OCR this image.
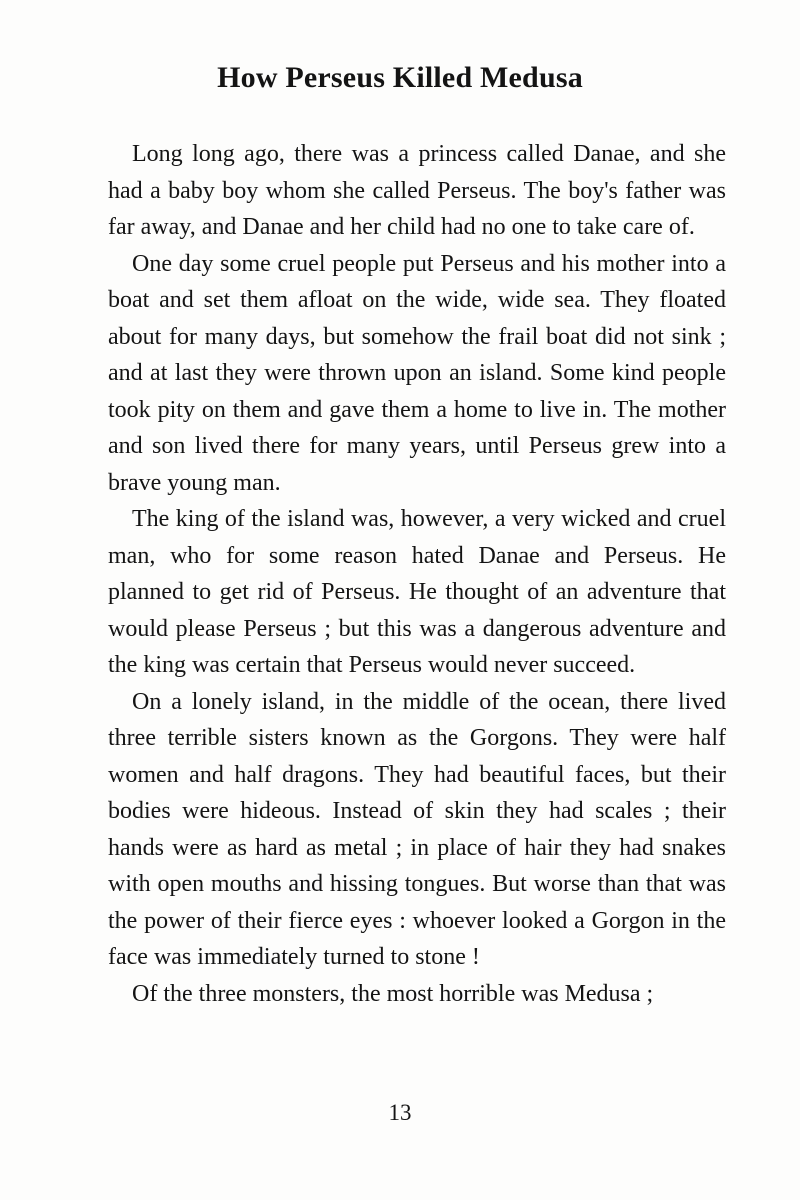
How Perseus Killed Medusa

Long long ago, there was a princess called Danae, and she had a baby boy whom she called Perseus. The boy's father was far away, and Danae and her child had no one to take care of.

One day some cruel people put Perseus and his mother into a boat and set them afloat on the wide, wide sea. They floated about for many days, but somehow the frail boat did not sink ; and at last they were thrown upon an island. Some kind people took pity on them and gave them a home to live in. The mother and son lived there for many years, until Perseus grew into a brave young man.

The king of the island was, however, a very wicked and cruel man, who for some reason hated Danae and Perseus. He planned to get rid of Perseus. He thought of an adventure that would please Perseus ; but this was a dangerous adventure and the king was certain that Perseus would never succeed.

On a lonely island, in the middle of the ocean, there lived three terrible sisters known as the Gorgons. They were half women and half dragons. They had beautiful faces, but their bodies were hideous. Instead of skin they had scales ; their hands were as hard as metal ; in place of hair they had snakes with open mouths and hissing tongues. But worse than that was the power of their fierce eyes : whoever looked a Gorgon in the face was immediately turned to stone !

Of the three monsters, the most horrible was Medusa ;

13
